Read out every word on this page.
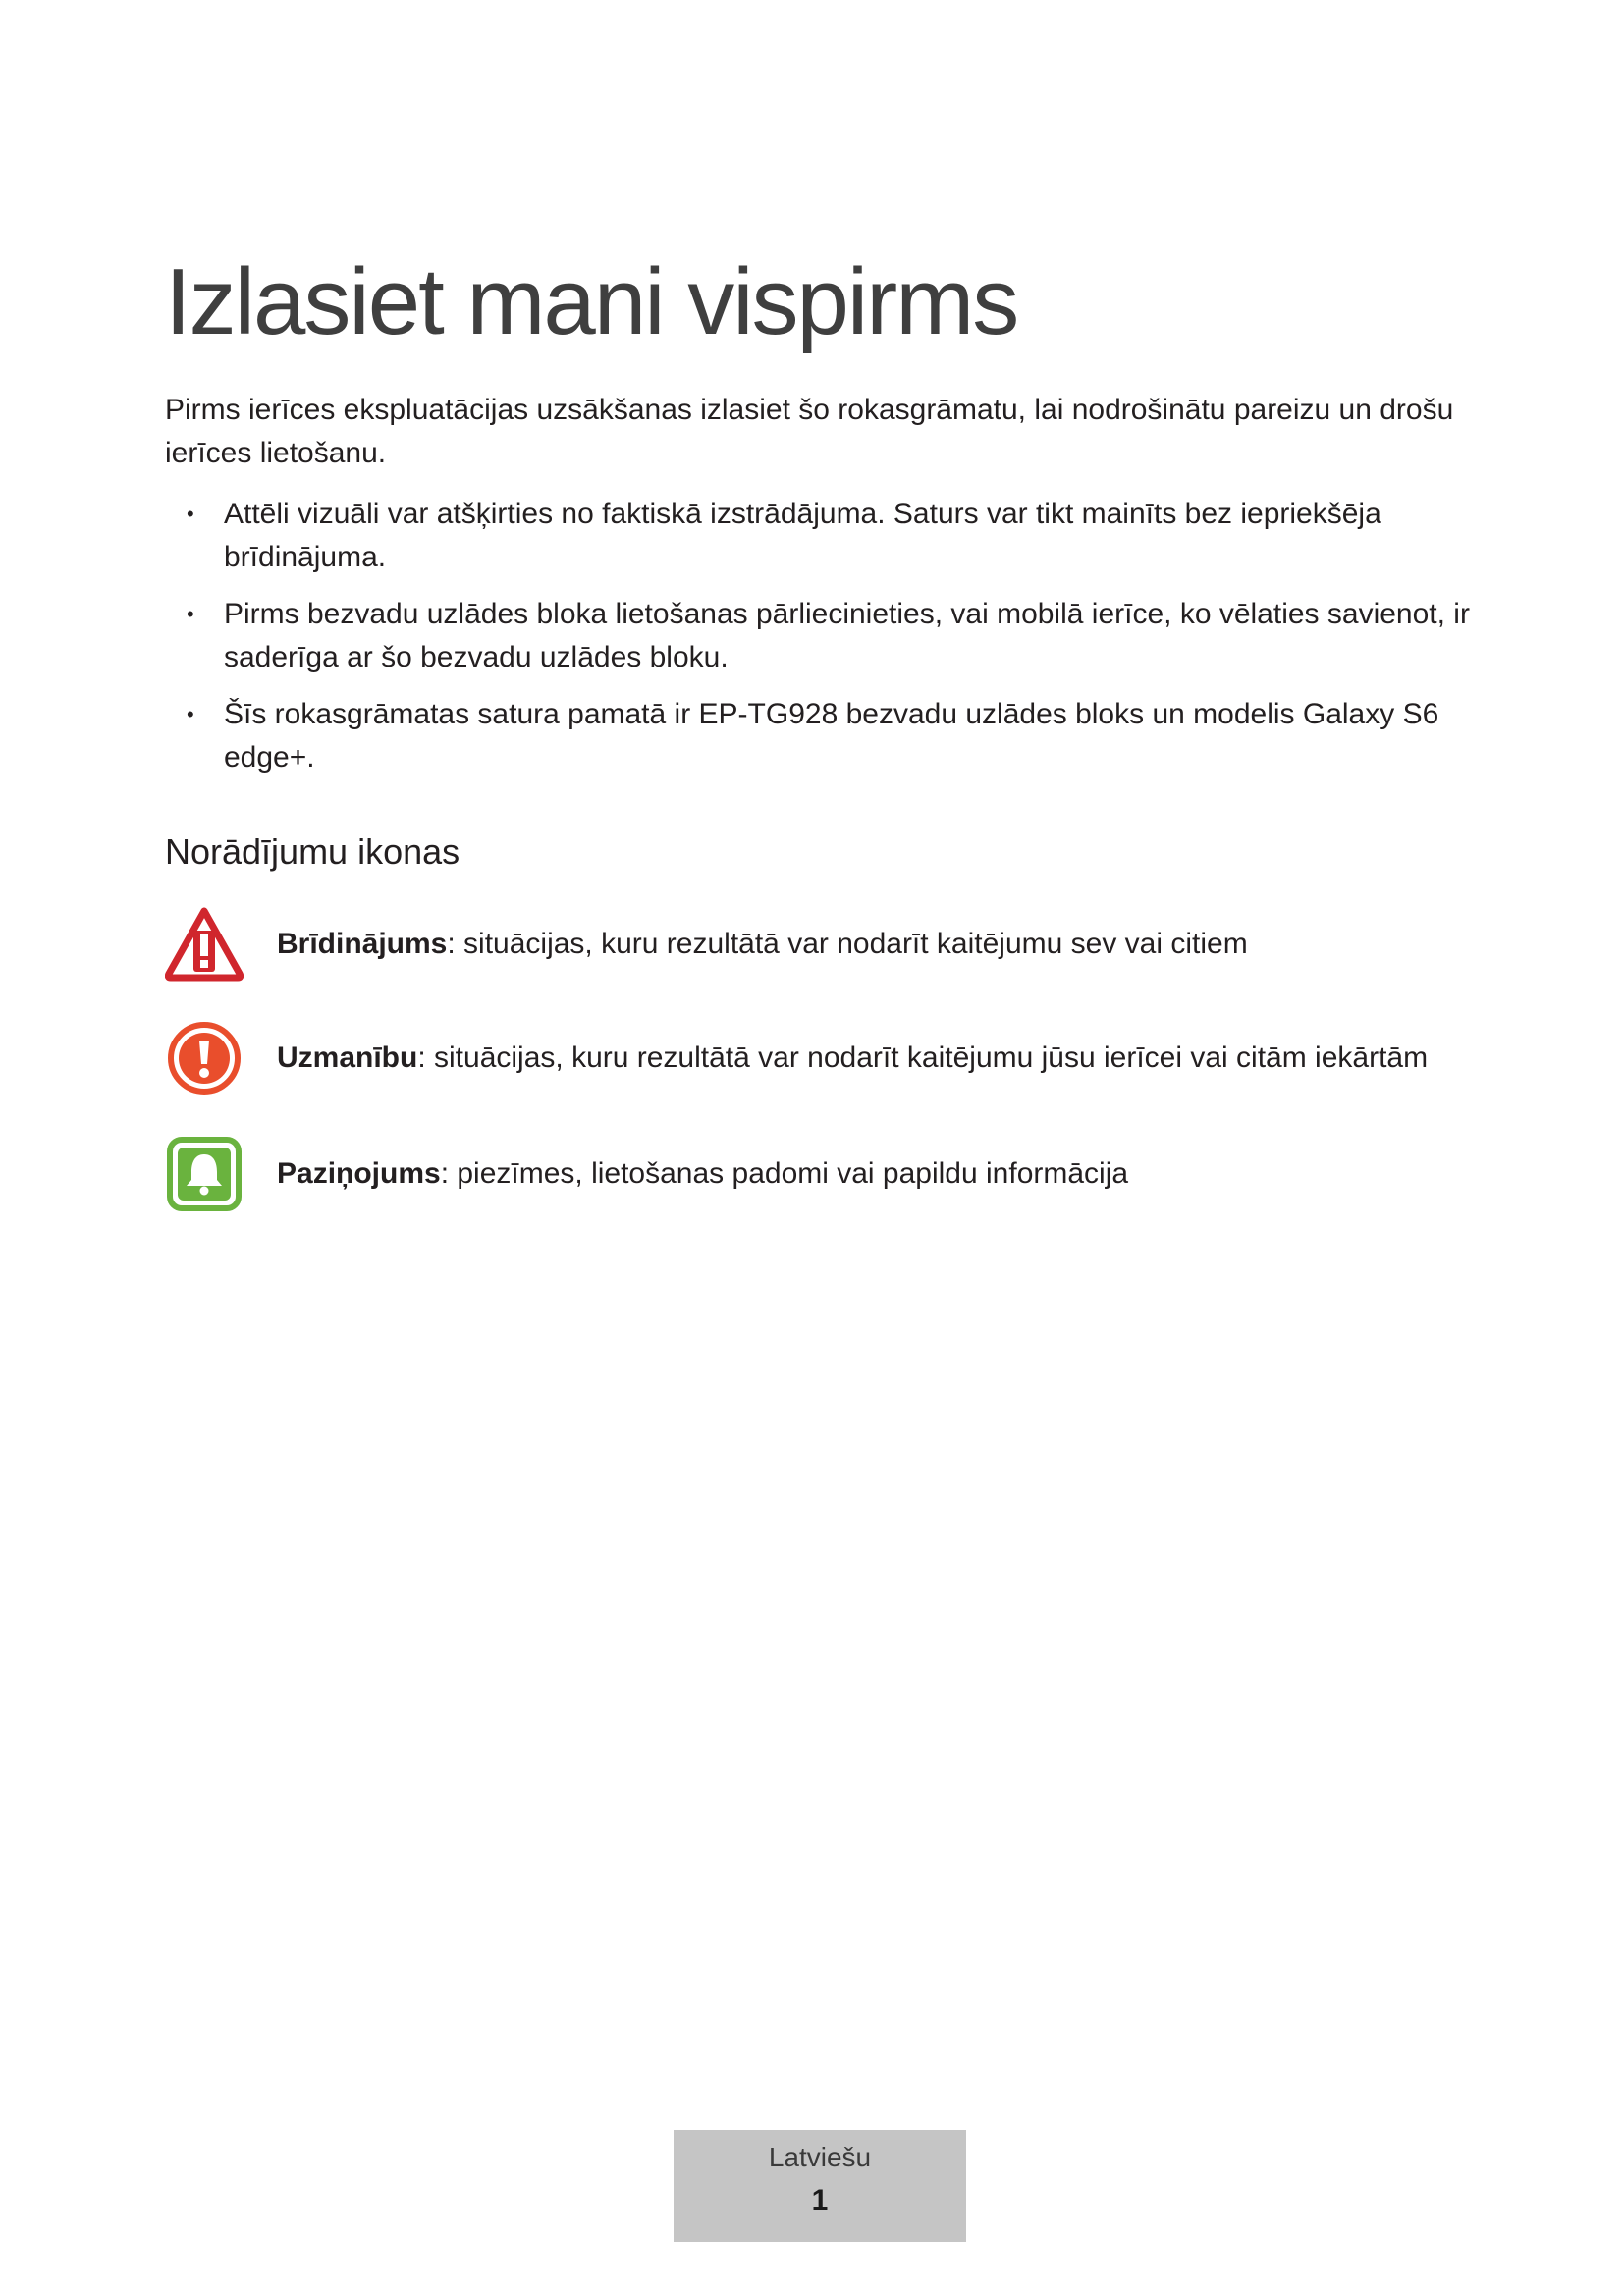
Izlasiet mani vispirms

Pirms ierīces ekspluatācijas uzsākšanas izlasiet šo rokasgrāmatu, lai nodrošinātu pareizu un drošu ierīces lietošanu.

• Attēli vizuāli var atšķirties no faktiskā izstrādājuma. Saturs var tikt mainīts bez iepriekšēja brīdinājuma.
• Pirms bezvadu uzlādes bloka lietošanas pārliecinieties, vai mobilā ierīce, ko vēlaties savienot, ir saderīga ar šo bezvadu uzlādes bloku.
• Šīs rokasgrāmatas satura pamatā ir EP-TG928 bezvadu uzlādes bloks un modelis Galaxy S6 edge+.
Norādījumu ikonas
Brīdinājums: situācijas, kuru rezultātā var nodarīt kaitējumu sev vai citiem
Uzmanību: situācijas, kuru rezultātā var nodarīt kaitējumu jūsu ierīcei vai citām iekārtām
Paziņojums: piezīmes, lietošanas padomi vai papildu informācija
Latviešu
1
